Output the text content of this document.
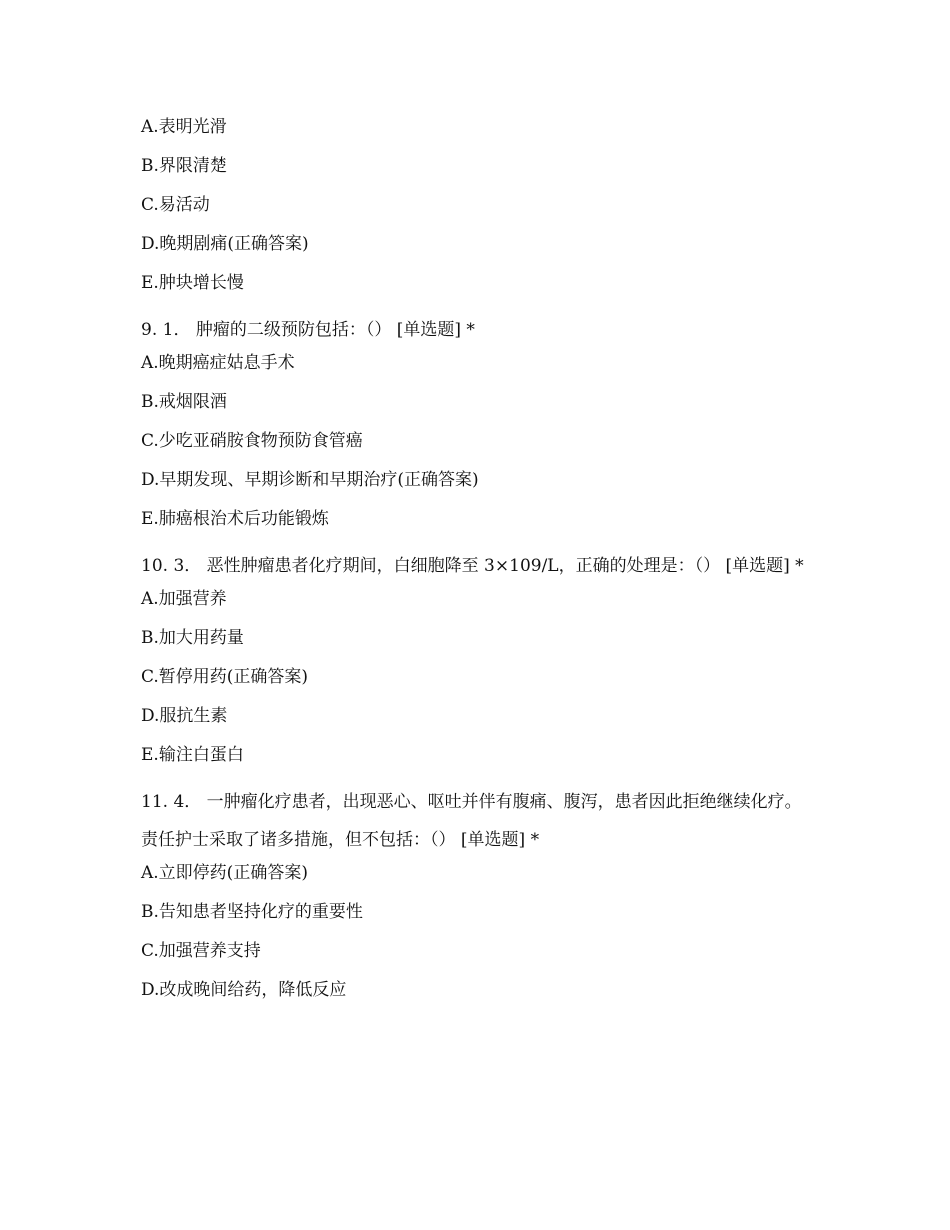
A.表明光滑
B.界限清楚
C.易活动
D.晚期剧痛(正确答案)
E.肿块增长慢
9. 1． 肿瘤的二级预防包括：（） [单选题] *
A.晚期癌症姑息手术
B.戒烟限酒
C.少吃亚硝胺食物预防食管癌
D.早期发现、早期诊断和早期治疗(正确答案)
E.肺癌根治术后功能锻炼
10. 3． 恶性肿瘤患者化疗期间，白细胞降至 3×109/L，正确的处理是：（） [单选题] *
A.加强营养
B.加大用药量
C.暂停用药(正确答案)
D.服抗生素
E.输注白蛋白
11. 4． 一肿瘤化疗患者，出现恶心、呕吐并伴有腹痛、腹泻，患者因此拒绝继续化疗。责任护士采取了诸多措施，但不包括：（） [单选题] *
A.立即停药(正确答案)
B.告知患者坚持化疗的重要性
C.加强营养支持
D.改成晚间给药，降低反应
